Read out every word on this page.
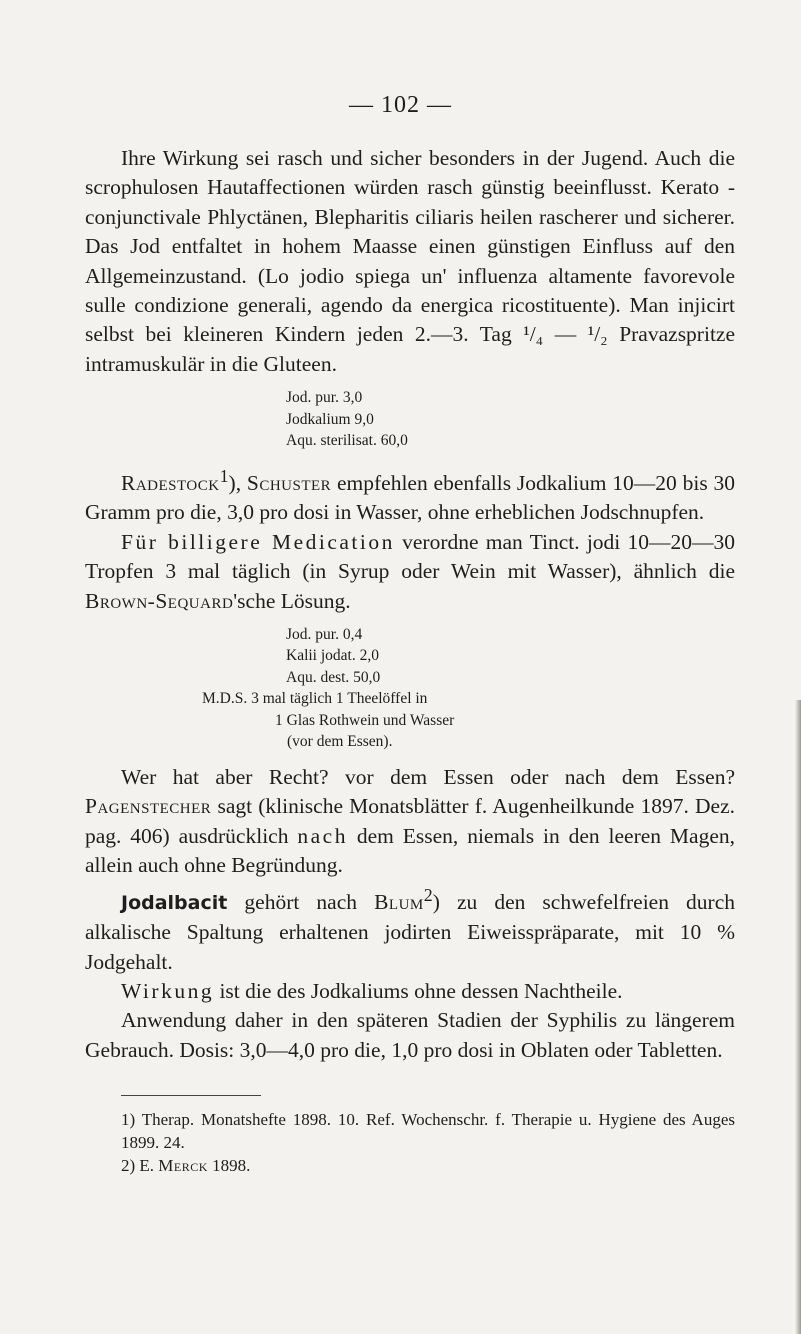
— 102 —

Ihre Wirkung sei rasch und sicher besonders in der Jugend. Auch die scrophulosen Hautaffectionen würden rasch günstig beeinflusst. Kerato - conjunctivale Phlyctänen, Blepharitis ciliaris heilen rascherer und sicherer. Das Jod entfaltet in hohem Maasse einen günstigen Einfluss auf den Allgemeinzustand. (Lo jodio spiega un' influenza altamente favorevole sulle condizione generali, agendo da energica ricostituente). Man injicirt selbst bei kleineren Kindern jeden 2.—3. Tag ¹/₄ — ¹/₂ Pravazspritze intramuskulär in die Gluteen.

Jod. pur. 3,0
Jodkalium 9,0
Aqu. sterilisat. 60,0

Radestock$^1$), Schuster empfehlen ebenfalls Jodkalium 10—20 bis 30 Gramm pro die, 3,0 pro dosi in Wasser, ohne erheblichen Jodschnupfen.

Für billigere Medication verordne man Tinct. jodi 10—20—30 Tropfen 3 mal täglich (in Syrup oder Wein mit Wasser), ähnlich die Brown-Sequard'sche Lösung.

Jod. pur. 0,4
Kalii jodat. 2,0
Aqu. dest. 50,0
M.D.S. 3 mal täglich 1 Theelöffel in
1 Glas Rothwein und Wasser
(vor dem Essen).

Wer hat aber Recht? vor dem Essen oder nach dem Essen? Pagenstecher sagt (klinische Monatsblätter f. Augenheilkunde 1897. Dez. pag. 406) ausdrücklich nach dem Essen, niemals in den leeren Magen, allein auch ohne Begründung.

Jodalbacit gehört nach Blum$^2$) zu den schwefelfreien durch alkalische Spaltung erhaltenen jodirten Eiweisspräparate, mit 10 % Jodgehalt.

Wirkung ist die des Jodkaliums ohne dessen Nachtheile.

Anwendung daher in den späteren Stadien der Syphilis zu längerem Gebrauch. Dosis: 3,0—4,0 pro die, 1,0 pro dosi in Oblaten oder Tabletten.

1) Therap. Monatshefte 1898. 10. Ref. Wochenschr. f. Therapie u. Hygiene des Auges 1899. 24.
2) E. Merck 1898.
